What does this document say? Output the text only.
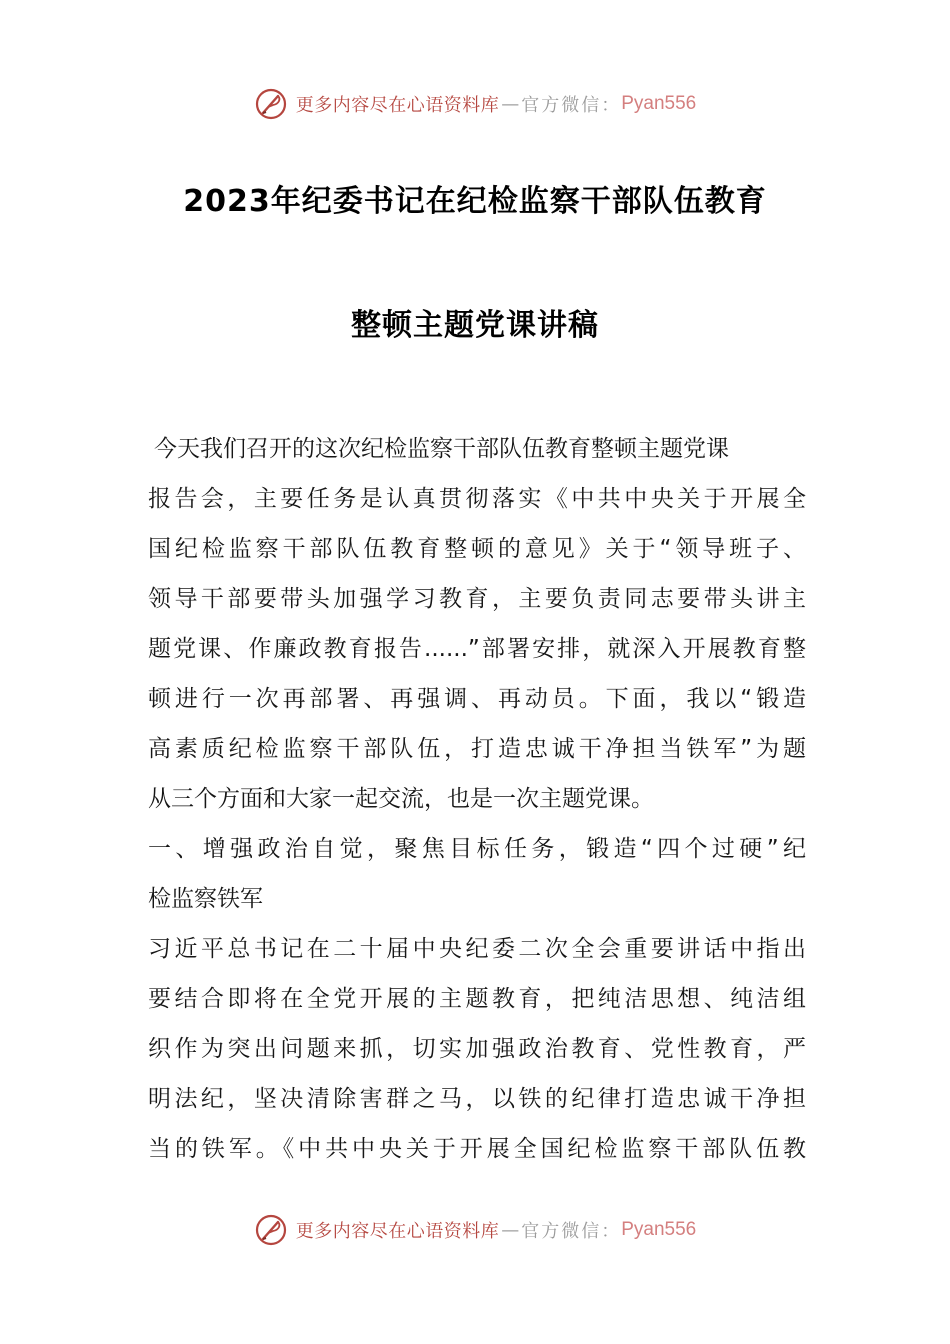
更多内容尽在心语资料库 — 官方微信： Pyan556
2023年纪委书记在纪检监察干部队伍教育
整顿主题党课讲稿
今天我们召开的这次纪检监察干部队伍教育整顿主题党课
报告会，主要任务是认真贯彻落实《中共中央关于开展全
国纪检监察干部队伍教育整顿的意见》关于“领导班子、
领导干部要带头加强学习教育，主要负责同志要带头讲主
题党课、作廉政教育报告......”部署安排，就深入开展教育整
顿进行一次再部署、再强调、再动员。下面，我以“锻造
高素质纪检监察干部队伍，打造忠诚干净担当铁军”为题
从三个方面和大家一起交流，也是一次主题党课。
一、增强政治自觉，聚焦目标任务，锻造“四个过硬”纪
检监察铁军
习近平总书记在二十届中央纪委二次全会重要讲话中指出
要结合即将在全党开展的主题教育，把纯洁思想、纯洁组
织作为突出问题来抓，切实加强政治教育、党性教育，严
明法纪，坚决清除害群之马，以铁的纪律打造忠诚干净担
当的铁军。《中共中央关于开展全国纪检监察干部队伍教
更多内容尽在心语资料库 — 官方微信： Pyan556
